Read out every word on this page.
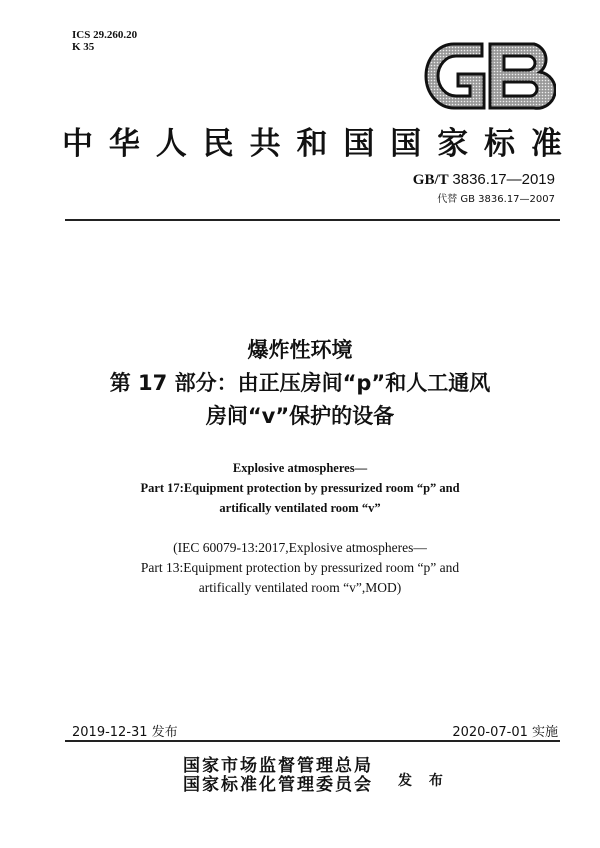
ICS 29.260.20
K 35
中 华 人 民 共 和 国 国 家 标 准
GB/T 3836.17—2019
代替 GB 3836.17—2007
爆炸性环境
第 17 部分：由正压房间“p”和人工通风
房间“v”保护的设备
Explosive atmospheres—
Part 17:Equipment protection by pressurized room “p” and
artifically ventilated room “v”
(IEC 60079-13:2017,Explosive atmospheres—
Part 13:Equipment protection by pressurized room “p” and
artifically ventilated room “v”,MOD)
2019-12-31 发布	2020-07-01 实施
国家市场监督管理总局
国家标准化管理委员会 发 布
